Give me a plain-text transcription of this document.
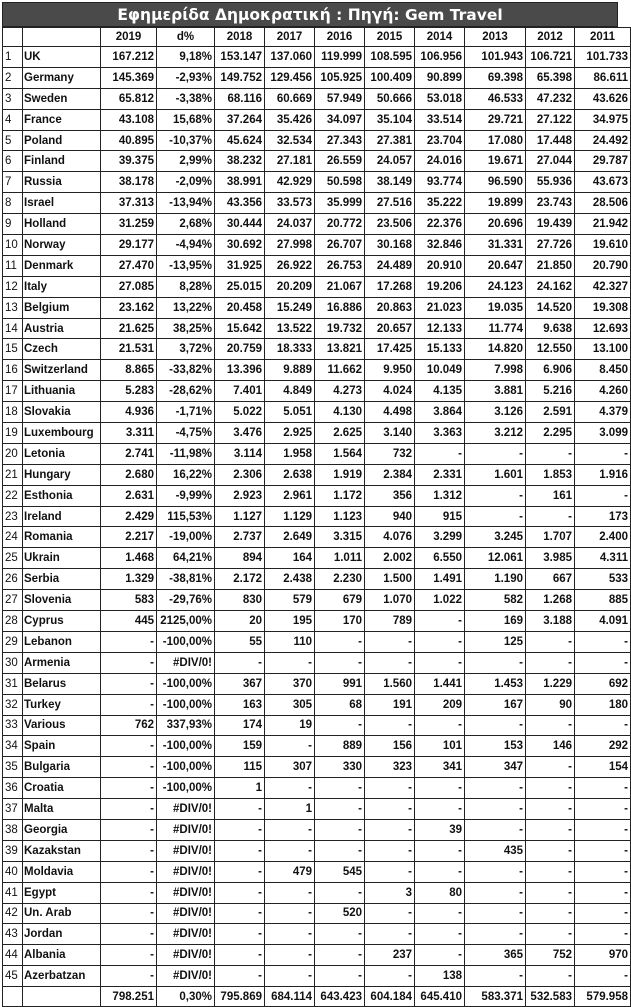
Εφημερίδα Δημοκρατική : Πηγή: Gem Travel
		2019	d%	2018	2017	2016	2015	2014	2013	2012	2011
1	UK	167.212	9,18%	153.147	137.060	119.999	108.595	106.956	101.943	106.721	101.733
2	Germany	145.369	-2,93%	149.752	129.456	105.925	100.409	90.899	69.398	65.398	86.611
3	Sweden	65.812	-3,38%	68.116	60.669	57.949	50.666	53.018	46.533	47.232	43.626
4	France	43.108	15,68%	37.264	35.426	34.097	35.104	33.514	29.721	27.122	34.975
5	Poland	40.895	-10,37%	45.624	32.534	27.343	27.381	23.704	17.080	17.448	24.492
6	Finland	39.375	2,99%	38.232	27.181	26.559	24.057	24.016	19.671	27.044	29.787
7	Russia	38.178	-2,09%	38.991	42.929	50.598	38.149	93.774	96.590	55.936	43.673
8	Israel	37.313	-13,94%	43.356	33.573	35.999	27.516	35.222	19.899	23.743	28.506
9	Holland	31.259	2,68%	30.444	24.037	20.772	23.506	22.376	20.696	19.439	21.942
10	Norway	29.177	-4,94%	30.692	27.998	26.707	30.168	32.846	31.331	27.726	19.610
11	Denmark	27.470	-13,95%	31.925	26.922	26.753	24.489	20.910	20.647	21.850	20.790
12	Italy	27.085	8,28%	25.015	20.209	21.067	17.268	19.206	24.123	24.162	42.327
13	Belgium	23.162	13,22%	20.458	15.249	16.886	20.863	21.023	19.035	14.520	19.308
14	Austria	21.625	38,25%	15.642	13.522	19.732	20.657	12.133	11.774	9.638	12.693
15	Czech	21.531	3,72%	20.759	18.333	13.821	17.425	15.133	14.820	12.550	13.100
16	Switzerland	8.865	-33,82%	13.396	9.889	11.662	9.950	10.049	7.998	6.906	8.450
17	Lithuania	5.283	-28,62%	7.401	4.849	4.273	4.024	4.135	3.881	5.216	4.260
18	Slovakia	4.936	-1,71%	5.022	5.051	4.130	4.498	3.864	3.126	2.591	4.379
19	Luxembourg	3.311	-4,75%	3.476	2.925	2.625	3.140	3.363	3.212	2.295	3.099
20	Letonia	2.741	-11,98%	3.114	1.958	1.564	732	-	-	-	-
21	Hungary	2.680	16,22%	2.306	2.638	1.919	2.384	2.331	1.601	1.853	1.916
22	Esthonia	2.631	-9,99%	2.923	2.961	1.172	356	1.312	-	161	-
23	Ireland	2.429	115,53%	1.127	1.129	1.123	940	915	-	-	173
24	Romania	2.217	-19,00%	2.737	2.649	3.315	4.076	3.299	3.245	1.707	2.400
25	Ukrain	1.468	64,21%	894	164	1.011	2.002	6.550	12.061	3.985	4.311
26	Serbia	1.329	-38,81%	2.172	2.438	2.230	1.500	1.491	1.190	667	533
27	Slovenia	583	-29,76%	830	579	679	1.070	1.022	582	1.268	885
28	Cyprus	445	2125,00%	20	195	170	789	-	169	3.188	4.091
29	Lebanon	-	-100,00%	55	110	-	-	-	125	-	-
30	Armenia	-	#DIV/0!	-	-	-	-	-	-	-	-
31	Belarus	-	-100,00%	367	370	991	1.560	1.441	1.453	1.229	692
32	Turkey	-	-100,00%	163	305	68	191	209	167	90	180
33	Various	762	337,93%	174	19	-	-	-	-	-	-
34	Spain	-	-100,00%	159	-	889	156	101	153	146	292
35	Bulgaria	-	-100,00%	115	307	330	323	341	347	-	154
36	Croatia	-	-100,00%	1	-	-	-	-	-	-	-
37	Malta	-	#DIV/0!	-	1	-	-	-	-	-	-
38	Georgia	-	#DIV/0!	-	-	-	-	39	-	-	-
39	Kazakstan	-	#DIV/0!	-	-	-	-	-	435	-	-
40	Moldavia	-	#DIV/0!	-	479	545	-	-	-	-	-
41	Egypt	-	#DIV/0!	-	-	-	3	80	-	-	-
42	Un. Arab	-	#DIV/0!	-	-	520	-	-	-	-	-
43	Jordan	-	#DIV/0!	-	-	-	-	-	-	-	-
44	Albania	-	#DIV/0!	-	-	-	237	-	365	752	970
45	Azerbatzan	-	#DIV/0!	-	-	-	-	138	-	-	-
		798.251	0,30%	795.869	684.114	643.423	604.184	645.410	583.371	532.583	579.958
